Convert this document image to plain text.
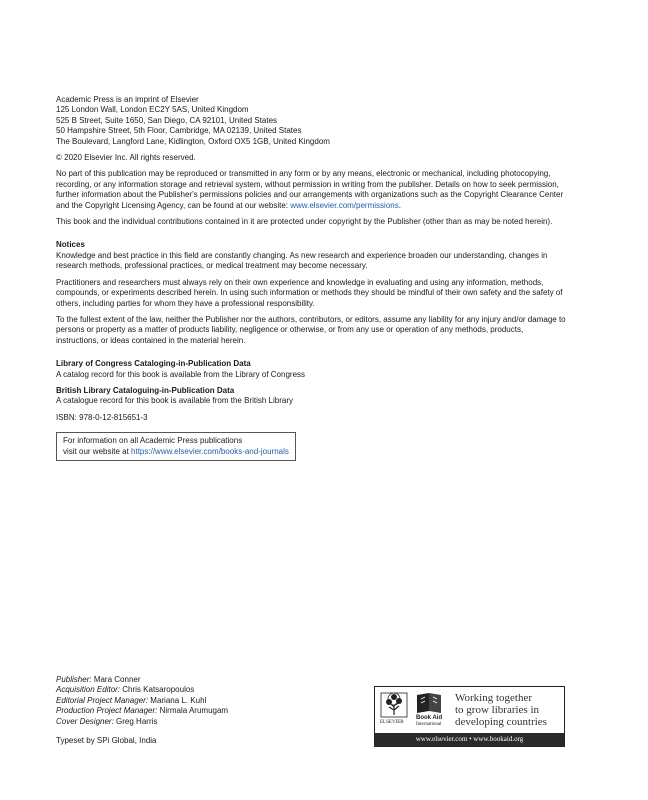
Academic Press is an imprint of Elsevier

125 London Wall, London EC2Y 5AS, United Kingdom

525 B Street, Suite 1650, San Diego, CA 92101, United States

50 Hampshire Street, 5th Floor, Cambridge, MA 02139, United States

The Boulevard, Langford Lane, Kidlington, Oxford OX5 1GB, United Kingdom

© 2020 Elsevier Inc. All rights reserved.

No part of this publication may be reproduced or transmitted in any form or by any means, electronic or mechanical, including photocopying, recording, or any information storage and retrieval system, without permission in writing from the publisher. Details on how to seek permission, further information about the Publisher's permissions policies and our arrangements with organizations such as the Copyright Clearance Center and the Copyright Licensing Agency, can be found at our website: www.elsevier.com/permissions.

This book and the individual contributions contained in it are protected under copyright by the Publisher (other than as may be noted herein).

Notices

Knowledge and best practice in this field are constantly changing. As new research and experience broaden our understanding, changes in research methods, professional practices, or medical treatment may become necessary.

Practitioners and researchers must always rely on their own experience and knowledge in evaluating and using any information, methods, compounds, or experiments described herein. In using such information or methods they should be mindful of their own safety and the safety of others, including parties for whom they have a professional responsibility.

To the fullest extent of the law, neither the Publisher nor the authors, contributors, or editors, assume any liability for any injury and/or damage to persons or property as a matter of products liability, negligence or otherwise, or from any use or operation of any methods, products, instructions, or ideas contained in the material herein.

Library of Congress Cataloging-in-Publication Data

A catalog record for this book is available from the Library of Congress

British Library Cataloguing-in-Publication Data

A catalogue record for this book is available from the British Library

ISBN: 978-0-12-815651-3

For information on all Academic Press publications

visit our website at https://www.elsevier.com/books-and-journals

Publisher: Mara Conner

Acquisition Editor: Chris Katsaropoulos

Editorial Project Manager: Mariana L. Kuhl

Production Project Manager: Nirmala Arumugam

Cover Designer: Greg Harris

Typeset by SPi Global, India
ELSEVIER
Book Aid
International
Working together
to grow libraries in
developing countries
www.elsevier.com • www.bookaid.org
